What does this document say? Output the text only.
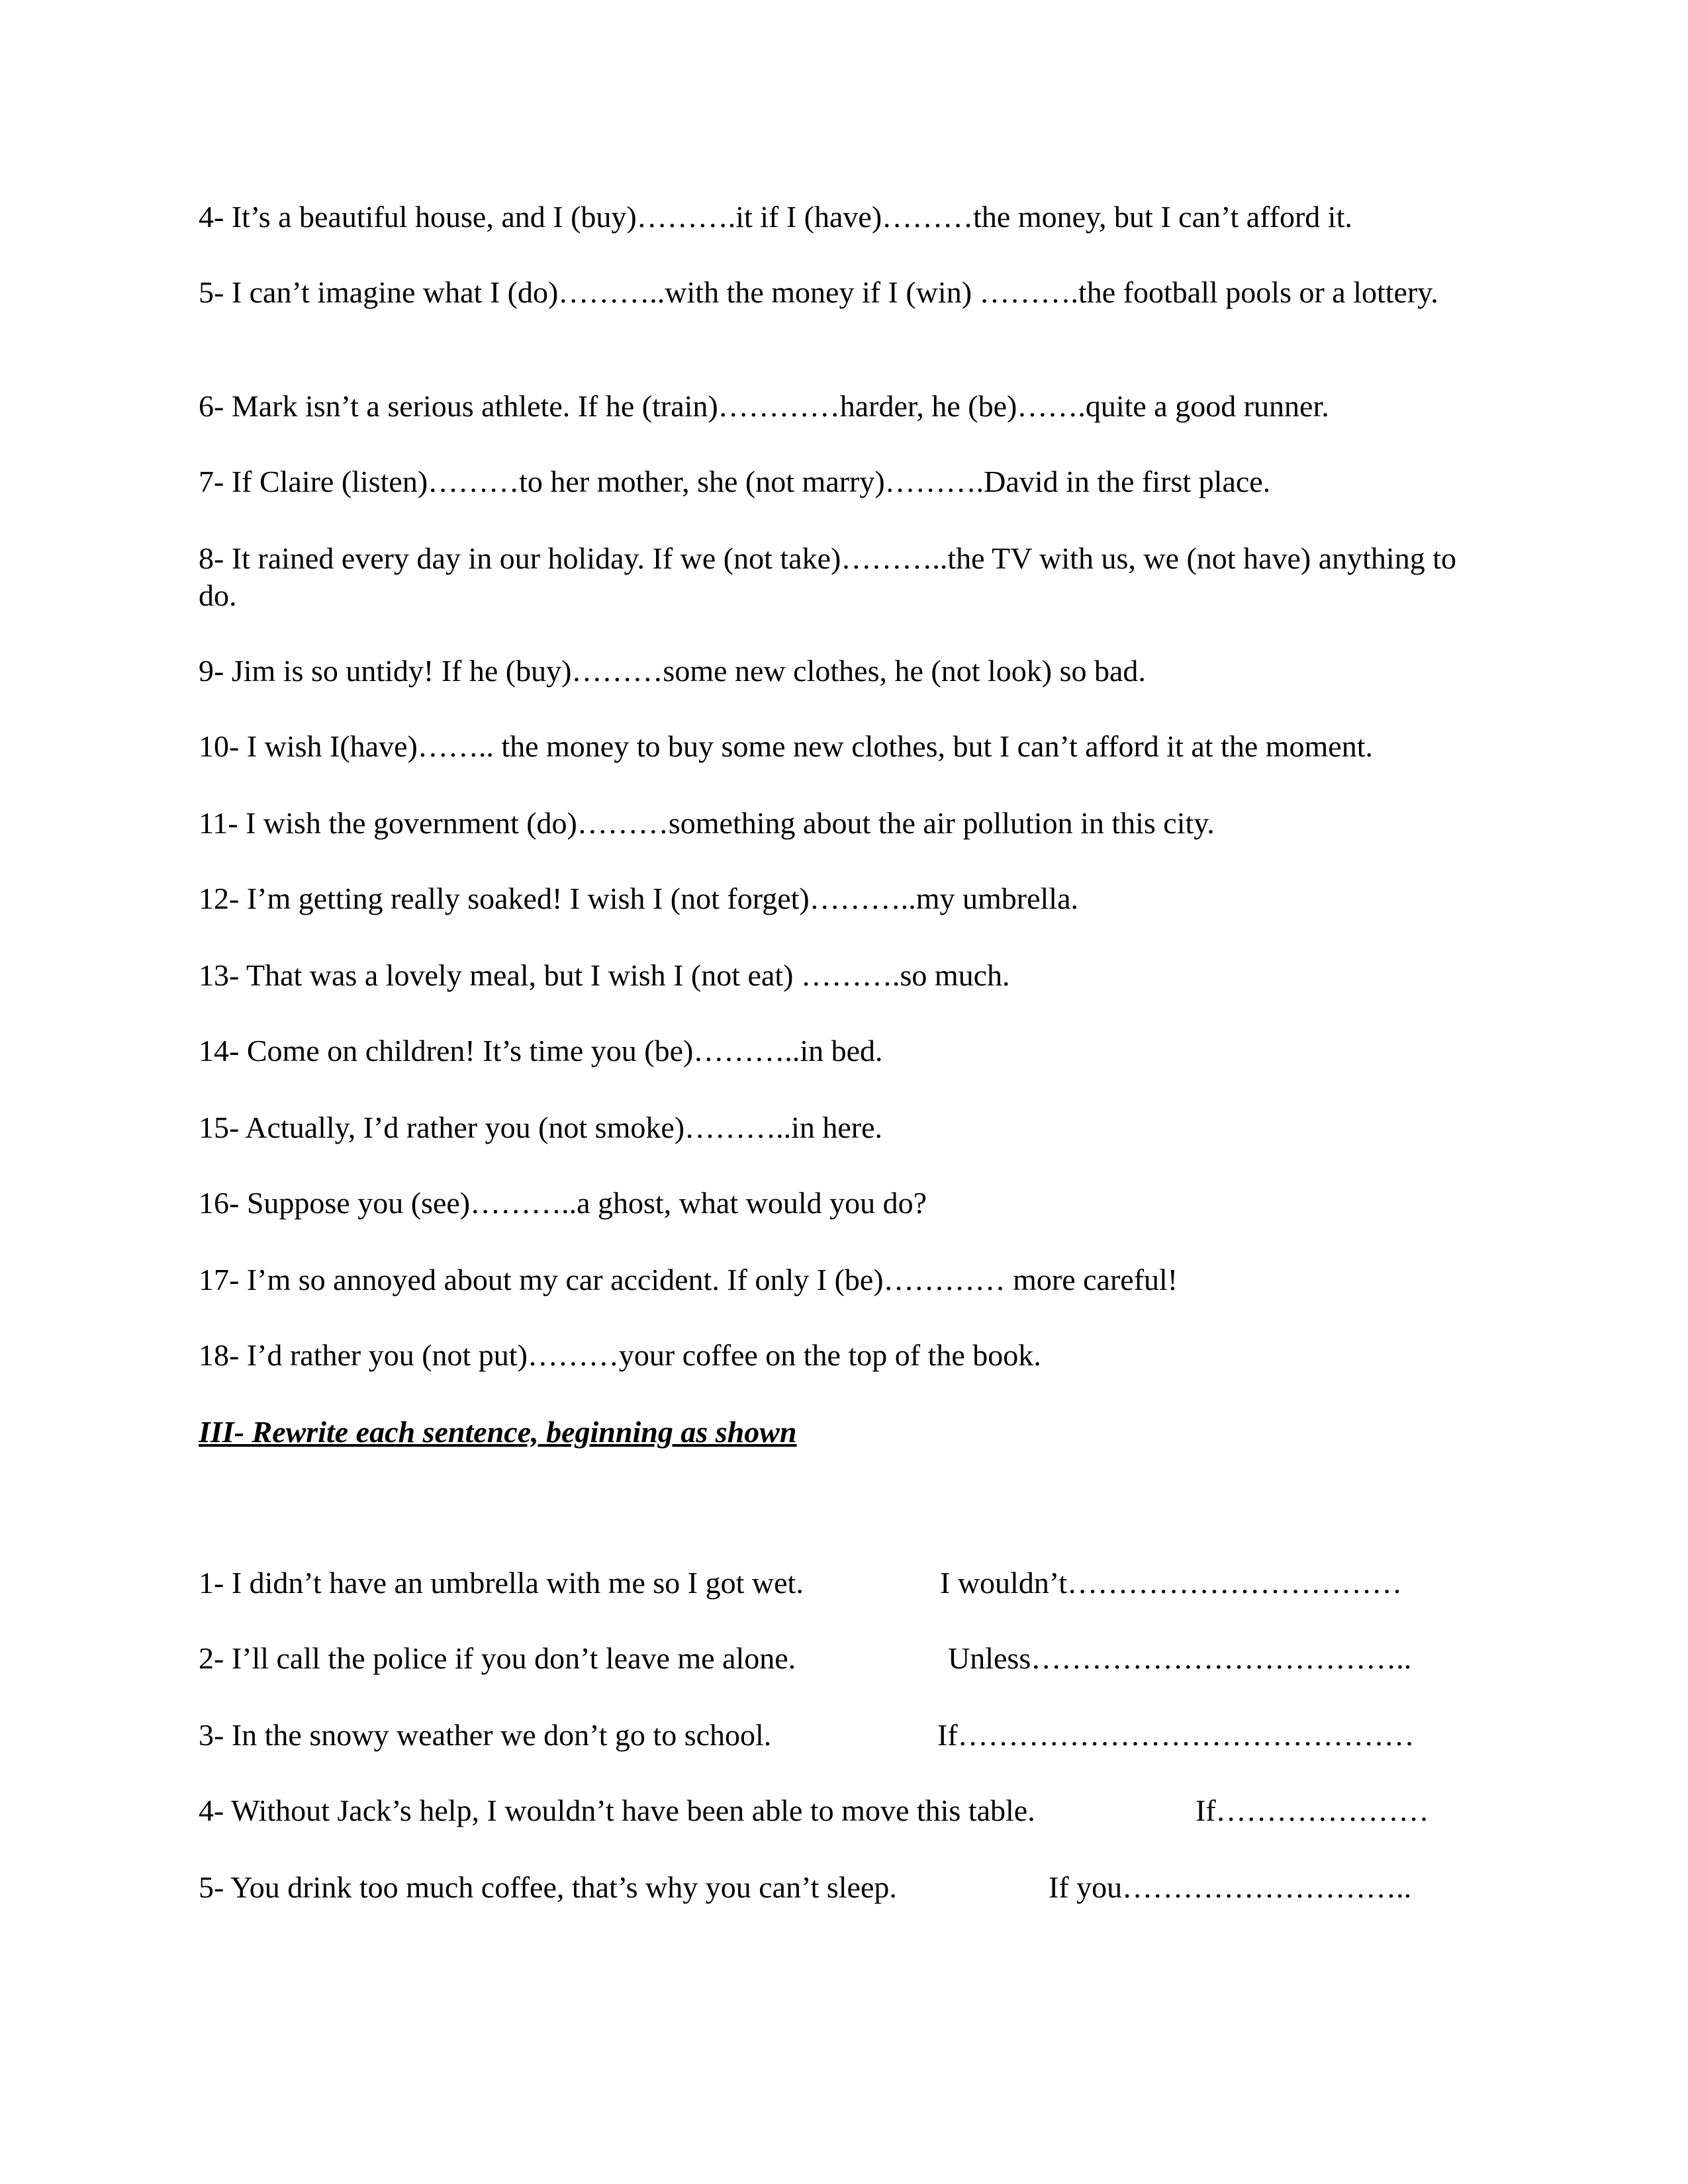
4- It’s a beautiful house, and I (buy)……….it if I (have)………the money, but I can’t afford it.

5- I can’t imagine what I (do)………..with the money if I (win) ……….the football pools or a lottery.

6- Mark isn’t a serious athlete. If he (train)…………harder, he (be)…….quite a good runner.

7- If Claire (listen)………to her mother, she (not marry)……….David in the first place.

8- It rained every day in our holiday. If we (not take)………..the TV with us, we (not have) anything to do.

9- Jim is so untidy! If he (buy)………some new clothes, he (not look) so bad.

10- I wish I(have)…….. the money to buy some new clothes, but I can’t afford it at the moment.

11- I wish the government (do)………something about the air pollution in this city.

12- I’m getting really soaked! I wish I (not forget)………..my umbrella.

13- That was a lovely meal, but I wish I (not eat) ……….so much.

14- Come on children! It’s time you (be)………..in bed.

15- Actually, I’d rather you (not smoke)………..in here.

16- Suppose you (see)………..a ghost, what would you do?

17- I’m so annoyed about my car accident. If only I (be)………… more careful!

18- I’d rather you (not put)………your coffee on the top of the book.

III- Rewrite each sentence, beginning as shown

1- I didn’t have an umbrella with me so I got wet.	I wouldn’t……………………………
2- I’ll call the police if you don’t leave me alone.	Unless………………………………..
3- In the snowy weather we don’t go to school.	If………………………………………
4- Without Jack’s help, I wouldn’t have been able to move this table.	If…………………
5- You drink too much coffee, that’s why you can’t sleep.	If you………………………..
